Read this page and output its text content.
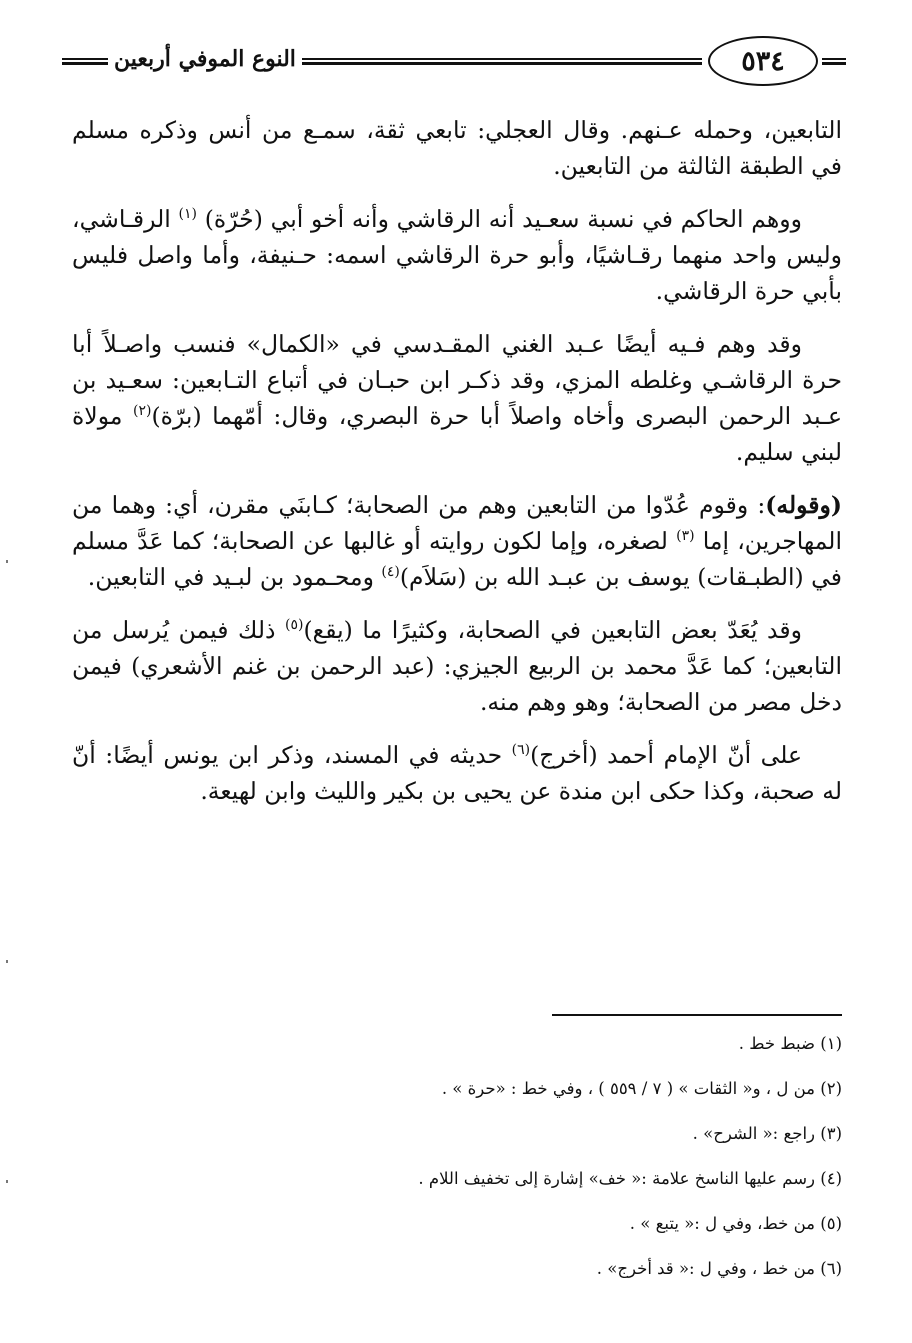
٥٣٤
النوع الموفي أربعين

التابعين، وحمله عـنهم. وقال العجلي: تابعي ثقة، سمـع من أنس وذكره مسلم في الطبقة الثالثة من التابعين.

ووهم الحاكم في نسبة سعـيد أنه الرقاشي وأنه أخو أبي (حُرّة) $^{(١)}$ الرقـاشي، وليس واحد منهما رقـاشيًا، وأبو حرة الرقاشي اسمه: حـنيفة، وأما واصل فليس بأبي حرة الرقاشي.

وقد وهم فـيه أيضًا عـبد الغني المقـدسي في «الكمال» فنسب واصـلاً أبا حرة الرقاشـي وغلطه المزي، وقد ذكـر ابن حبـان في أتباع التـابعين: سعـيد بن عـبد الرحمن البصرى وأخاه واصلاً أبا حرة البصري، وقال: أمّهما (برّة)$^{(٢)}$ مولاة لبني سليم.

(وقوله): وقوم عُدّوا من التابعين وهم من الصحابة؛ كـابنَي مقرن، أي: وهما من المهاجرين، إما $^{(٣)}$ لصغره، وإما لكون روايته أو غالبها عن الصحابة؛ كما عَدَّ مسلم في (الطبـقات) يوسف بن عبـد الله بن (سَلاَم)$^{(٤)}$ ومحـمود بن لبـيد في التابعين.

وقد يُعَدّ بعض التابعين في الصحابة، وكثيرًا ما (يقع)$^{(٥)}$ ذلك فيمن يُرسل من التابعين؛ كما عَدَّ محمد بن الربيع الجيزي: (عبد الرحمن بن غنم الأشعري) فيمن دخل مصر من الصحابة؛ وهو وهم منه.

على أنّ الإمام أحمد (أخرج)$^{(٦)}$ حديثه في المسند، وذكر ابن يونس أيضًا: أنّ له صحبة، وكذا حكى ابن مندة عن يحيى بن بكير والليث وابن لهيعة.

(١) ضبط خط .
(٢) من ل ، و« الثقات » ( ٧ / ٥٥٩ ) ، وفي خط : «حرة » .
(٣) راجع :« الشرح» .
(٤) رسم عليها الناسخ علامة :« خف» إشارة إلى تخفيف اللام .
(٥) من خط، وفي ل :« يتبع » .
(٦) من خط ، وفي ل :« قد أخرج» .
